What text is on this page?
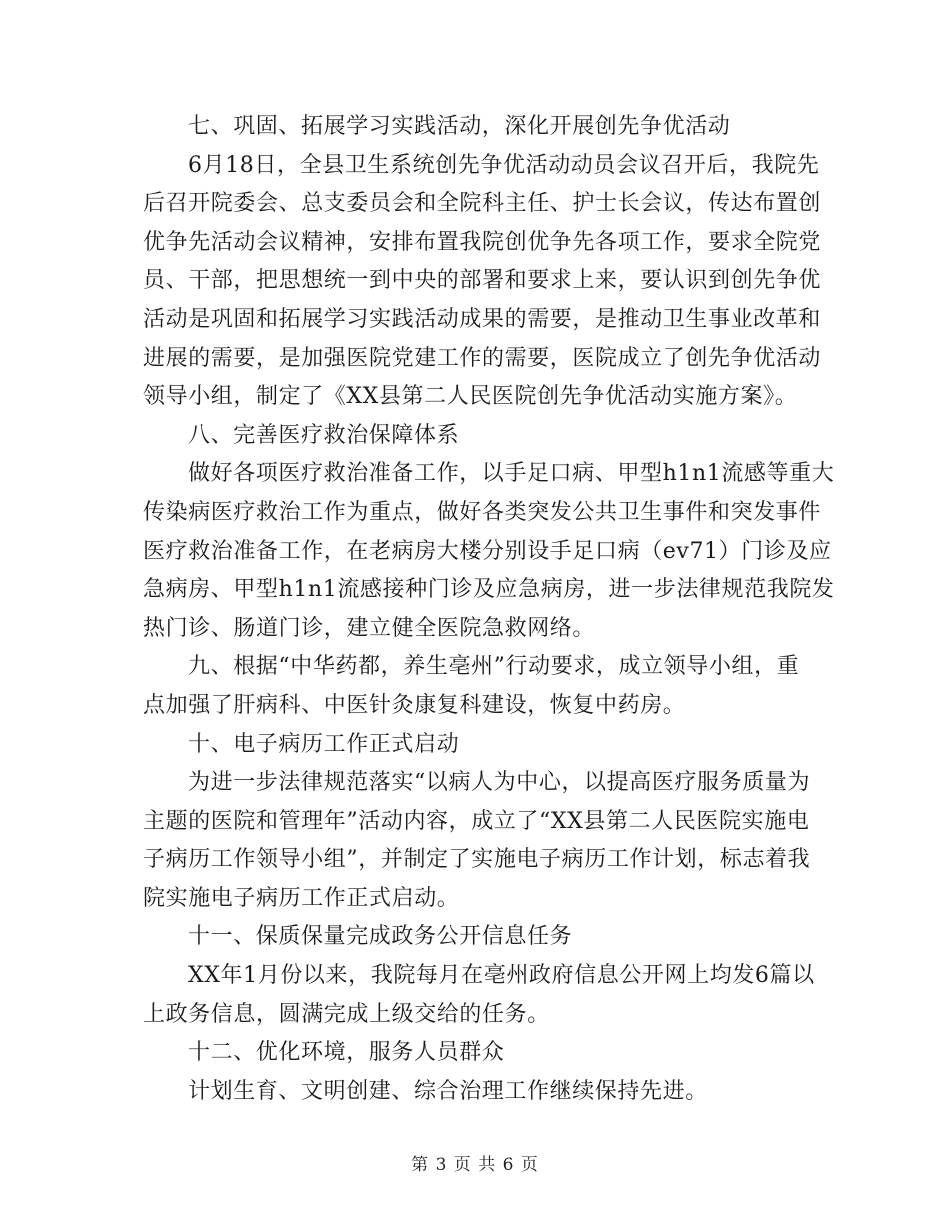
七、巩固、拓展学习实践活动，深化开展创先争优活动
6月18日，全县卫生系统创先争优活动动员会议召开后，我院先
后召开院委会、总支委员会和全院科主任、护士长会议，传达布置创
优争先活动会议精神，安排布置我院创优争先各项工作，要求全院党
员、干部，把思想统一到中央的部署和要求上来，要认识到创先争优
活动是巩固和拓展学习实践活动成果的需要，是推动卫生事业改革和
进展的需要，是加强医院党建工作的需要，医院成立了创先争优活动
领导小组，制定了《XX县第二人民医院创先争优活动实施方案》。
八、完善医疗救治保障体系
做好各项医疗救治准备工作，以手足口病、甲型h1n1流感等重大
传染病医疗救治工作为重点，做好各类突发公共卫生事件和突发事件
医疗救治准备工作，在老病房大楼分别设手足口病（ev71）门诊及应
急病房、甲型h1n1流感接种门诊及应急病房，进一步法律规范我院发
热门诊、肠道门诊，建立健全医院急救网络。
九、根据“中华药都，养生亳州”行动要求，成立领导小组，重
点加强了肝病科、中医针灸康复科建设，恢复中药房。
十、电子病历工作正式启动
为进一步法律规范落实“以病人为中心，以提高医疗服务质量为
主题的医院和管理年”活动内容，成立了“XX县第二人民医院实施电
子病历工作领导小组”，并制定了实施电子病历工作计划，标志着我
院实施电子病历工作正式启动。
十一、保质保量完成政务公开信息任务
XX年1月份以来，我院每月在亳州政府信息公开网上均发6篇以
上政务信息，圆满完成上级交给的任务。
十二、优化环境，服务人员群众
计划生育、文明创建、综合治理工作继续保持先进。
第 3 页 共 6 页
